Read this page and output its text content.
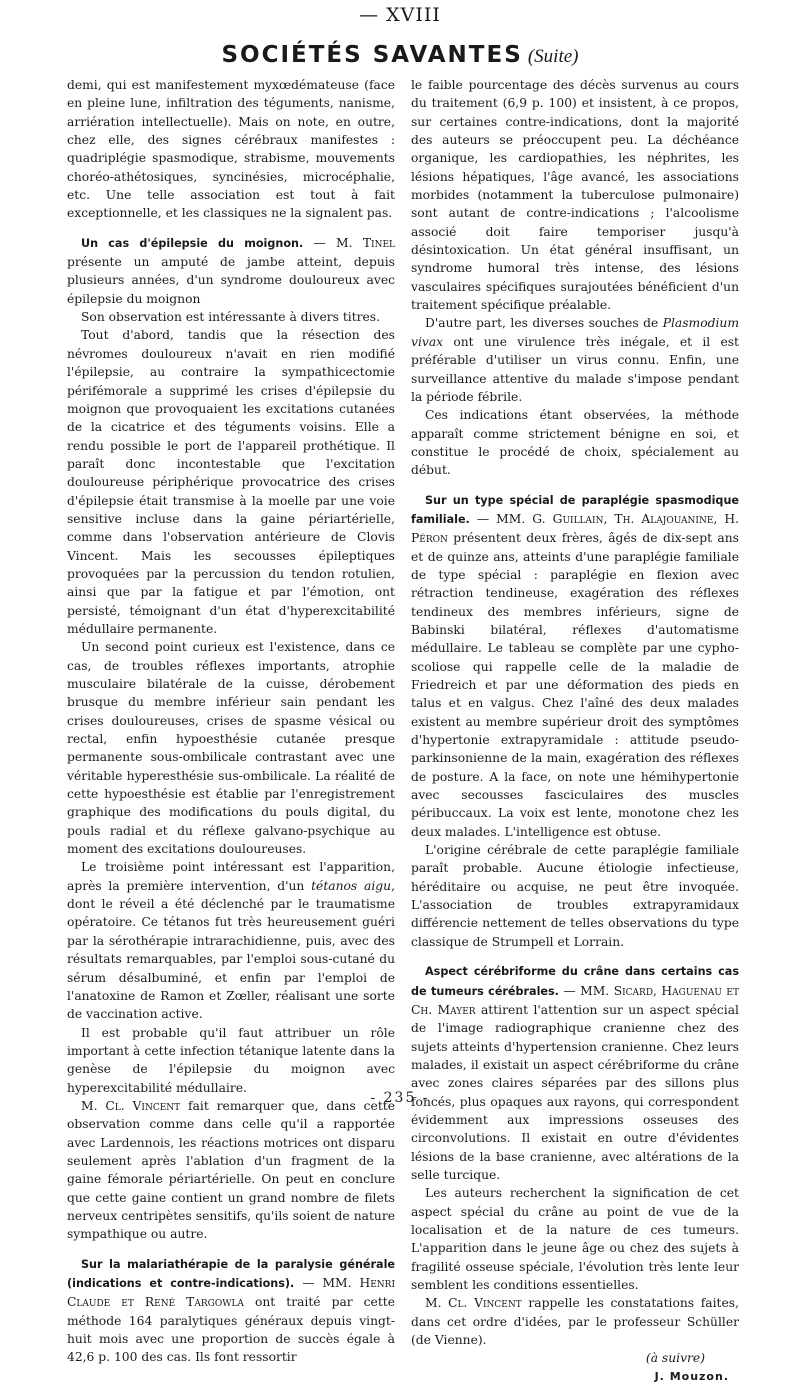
— XVIII
SOCIÉTÉS SAVANTES (Suite)

demi, qui est manifestement myxœdémateuse (face en pleine lune, infiltration des téguments, nanisme, arriération intellectuelle). Mais on note, en outre, chez elle, des signes cérébraux manifestes : quadriplégie spasmodique, strabisme, mouvements choréo-athétosiques, syncinésies, microcéphalie, etc. Une telle association est tout à fait exceptionnelle, et les classiques ne la signalent pas.

Un cas d'épilepsie du moignon. — M. Tinel présente un amputé de jambe atteint, depuis plusieurs années, d'un syndrome douloureux avec épilepsie du moignon

Son observation est intéressante à divers titres.

Tout d'abord, tandis que la résection des névromes douloureux n'avait en rien modifié l'épilepsie, au contraire la sympathicectomie périfémorale a supprimé les crises d'épilepsie du moignon que provoquaient les excitations cutanées de la cicatrice et des téguments voisins. Elle a rendu possible le port de l'appareil prothétique. Il paraît donc incontestable que l'excitation douloureuse périphérique provocatrice des crises d'épilepsie était transmise à la moelle par une voie sensitive incluse dans la gaine périartérielle, comme dans l'observation antérieure de Clovis Vincent. Mais les secousses épileptiques provoquées par la percussion du tendon rotulien, ainsi que par la fatigue et par l'émotion, ont persisté, témoignant d'un état d'hyperexcitabilité médullaire permanente.

Un second point curieux est l'existence, dans ce cas, de troubles réflexes importants, atrophie musculaire bilatérale de la cuisse, dérobement brusque du membre inférieur sain pendant les crises douloureuses, crises de spasme vésical ou rectal, enfin hypoesthésie cutanée presque permanente sous-ombilicale contrastant avec une véritable hyperesthésie sus-ombilicale. La réalité de cette hypoesthésie est établie par l'enregistrement graphique des modifications du pouls digital, du pouls radial et du réflexe galvano-psychique au moment des excitations douloureuses.

Le troisième point intéressant est l'apparition, après la première intervention, d'un tétanos aigu, dont le réveil a été déclenché par le traumatisme opératoire. Ce tétanos fut très heureusement guéri par la sérothérapie intrarachidienne, puis, avec des résultats remarquables, par l'emploi sous-cutané du sérum désalbuminé, et enfin par l'emploi de l'anatoxine de Ramon et Zœller, réalisant une sorte de vaccination active.

Il est probable qu'il faut attribuer un rôle important à cette infection tétanique latente dans la genèse de l'épilepsie du moignon avec hyperexcitabilité médullaire.

M. Cl. Vincent fait remarquer que, dans cette observation comme dans celle qu'il a rapportée avec Lardennois, les réactions motrices ont disparu seulement après l'ablation d'un fragment de la gaine fémorale périartérielle. On peut en conclure que cette gaine contient un grand nombre de filets nerveux centripètes sensitifs, qu'ils soient de nature sympathique ou autre.

Sur la malariathérapie de la paralysie générale (indications et contre-indications). — MM. Henri Claude et René Targowla ont traité par cette méthode 164 paralytiques généraux depuis vingt-huit mois avec une proportion de succès égale à 42,6 p. 100 des cas. Ils font ressortir

le faible pourcentage des décès survenus au cours du traitement (6,9 p. 100) et insistent, à ce propos, sur certaines contre-indications, dont la majorité des auteurs se préoccupent peu. La déchéance organique, les cardiopathies, les néphrites, les lésions hépatiques, l'âge avancé, les associations morbides (notamment la tuberculose pulmonaire) sont autant de contre-indications ; l'alcoolisme associé doit faire temporiser jusqu'à désintoxication. Un état général insuffisant, un syndrome humoral très intense, des lésions vasculaires spécifiques surajoutées bénéficient d'un traitement spécifique préalable.

D'autre part, les diverses souches de Plasmodium vivax ont une virulence très inégale, et il est préférable d'utiliser un virus connu. Enfin, une surveillance attentive du malade s'impose pendant la période fébrile.

Ces indications étant observées, la méthode apparaît comme strictement bénigne en soi, et constitue le procédé de choix, spécialement au début.

Sur un type spécial de paraplégie spasmodique familiale. — MM. G. Guillain, Th. Alajouanine, H. Péron présentent deux frères, âgés de dix-sept ans et de quinze ans, atteints d'une paraplégie familiale de type spécial : paraplégie en flexion avec rétraction tendineuse, exagération des réflexes tendineux des membres inférieurs, signe de Babinski bilatéral, réflexes d'automatisme médullaire. Le tableau se complète par une cypho-scoliose qui rappelle celle de la maladie de Friedreich et par une déformation des pieds en talus et en valgus. Chez l'aîné des deux malades existent au membre supérieur droit des symptômes d'hypertonie extrapyramidale : attitude pseudo-parkinsonienne de la main, exagération des réflexes de posture. A la face, on note une hémihypertonie avec secousses fasciculaires des muscles péribuccaux. La voix est lente, monotone chez les deux malades. L'intelligence est obtuse.

L'origine cérébrale de cette paraplégie familiale paraît probable. Aucune étiologie infectieuse, héréditaire ou acquise, ne peut être invoquée. L'association de troubles extrapyramidaux différencie nettement de telles observations du type classique de Strumpell et Lorrain.

Aspect cérébriforme du crâne dans certains cas de tumeurs cérébrales. — MM. Sicard, Haguenau et Ch. Mayer attirent l'attention sur un aspect spécial de l'image radiographique cranienne chez des sujets atteints d'hypertension cranienne. Chez leurs malades, il existait un aspect cérébriforme du crâne avec zones claires séparées par des sillons plus foncés, plus opaques aux rayons, qui correspondent évidemment aux impressions osseuses des circonvolutions. Il existait en outre d'évidentes lésions de la base cranienne, avec altérations de la selle turcique.

Les auteurs recherchent la signification de cet aspect spécial du crâne au point de vue de la localisation et de la nature de ces tumeurs. L'apparition dans le jeune âge ou chez des sujets à fragilité osseuse spéciale, l'évolution très lente leur semblent les conditions essentielles.

M. Cl. Vincent rappelle les constatations faites, dans cet ordre d'idées, par le professeur Schüller (de Vienne).

(à suivre)

J. Mouzon.

- 235 -
